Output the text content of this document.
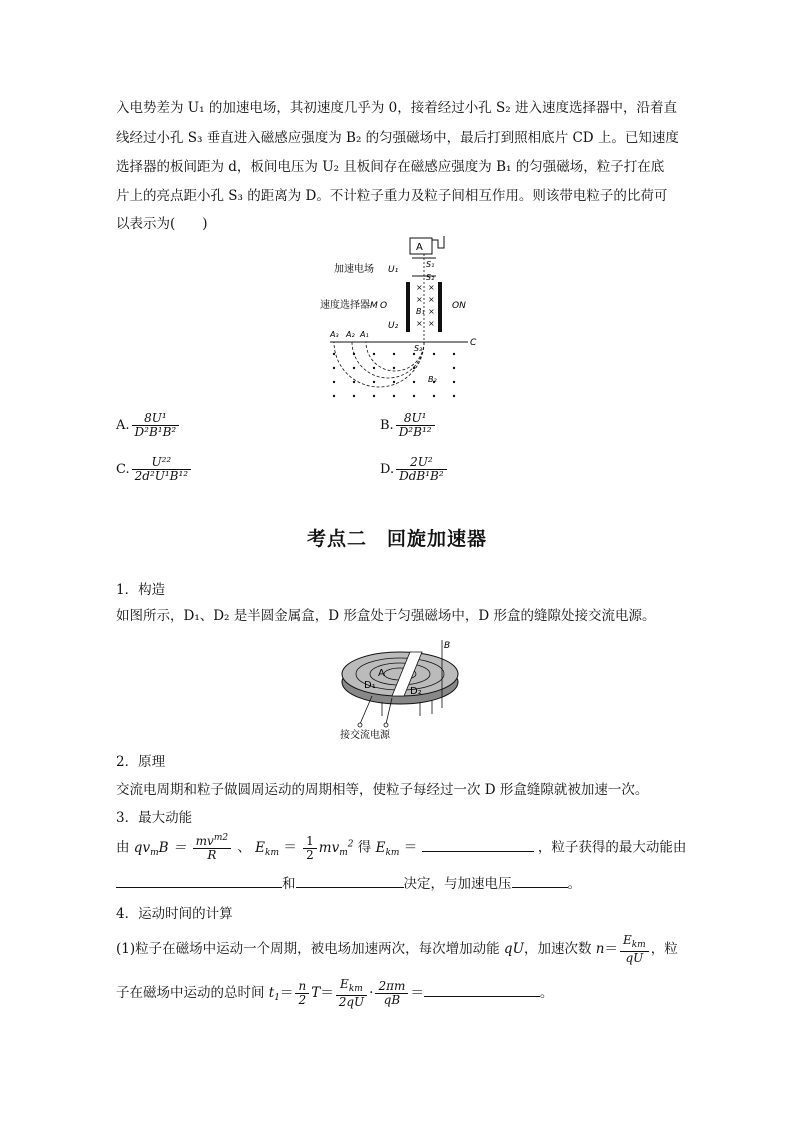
入电势差为 U₁ 的加速电场，其初速度几乎为 0，接着经过小孔 S₂ 进入速度选择器中，沿着直
线经过小孔 S₃ 垂直进入磁感应强度为 B₂ 的匀强磁场中，最后打到照相底片 CD 上。已知速度
选择器的板间距为 d，板间电压为 U₂ 且板间存在磁感应强度为 B₁ 的匀强磁场，粒子打在底
片上的亮点距小孔 S₃ 的距离为 D。不计粒子重力及粒子间相互作用。则该带电粒子的比荷可
以表示为(　　)
A
加速电场 U₁
S₁
S₂
速度选择器 M O	ON
U₂
B₁
× ×
× ×
×
× ×
C
A₃ A₂ A₁
S₃
B₂
A. $\frac{\text{8U¹}}{\text{D²B¹B²}}$	B. $\frac{\text{8U¹}}{\text{D²B¹²}}$
C. $\frac{\text{U²²}}{\text{2d²U¹B¹²}}$	D. $\frac{\text{2U²}}{\text{DdB¹B²}}$
考点二　回旋加速器
1．构造
如图所示，D₁、D₂ 是半圆金属盒，D 形盒处于匀强磁场中，D 形盒的缝隙处接交流电源。
A
D₁
D₂
B
接交流电源
2．原理
交流电周期和粒子做圆周运动的周期相等，使粒子每经过一次 D 形盒缝隙就被加速一次。
3．最大动能
由 $qv_mB = \frac{mv^{m2}}{R}$ 、 $E_{km} = \frac{1}{2} mv_m^2$ 得 $E_{km}$ ＝	，粒子获得的最大动能由
和	决定，与加速电压	。
4．运动时间的计算
(1)粒子在磁场中运动一个周期，被电场加速两次，每次增加动能 qU，加速次数 $n= \frac{E_{km}}{qU}$ ，粒
子在磁场中运动的总时间 $t_1= \frac{n}{2} T= \frac{E_{km}}{2qU} \cdot \frac{2\pi m}{qB}$ ＝	。
